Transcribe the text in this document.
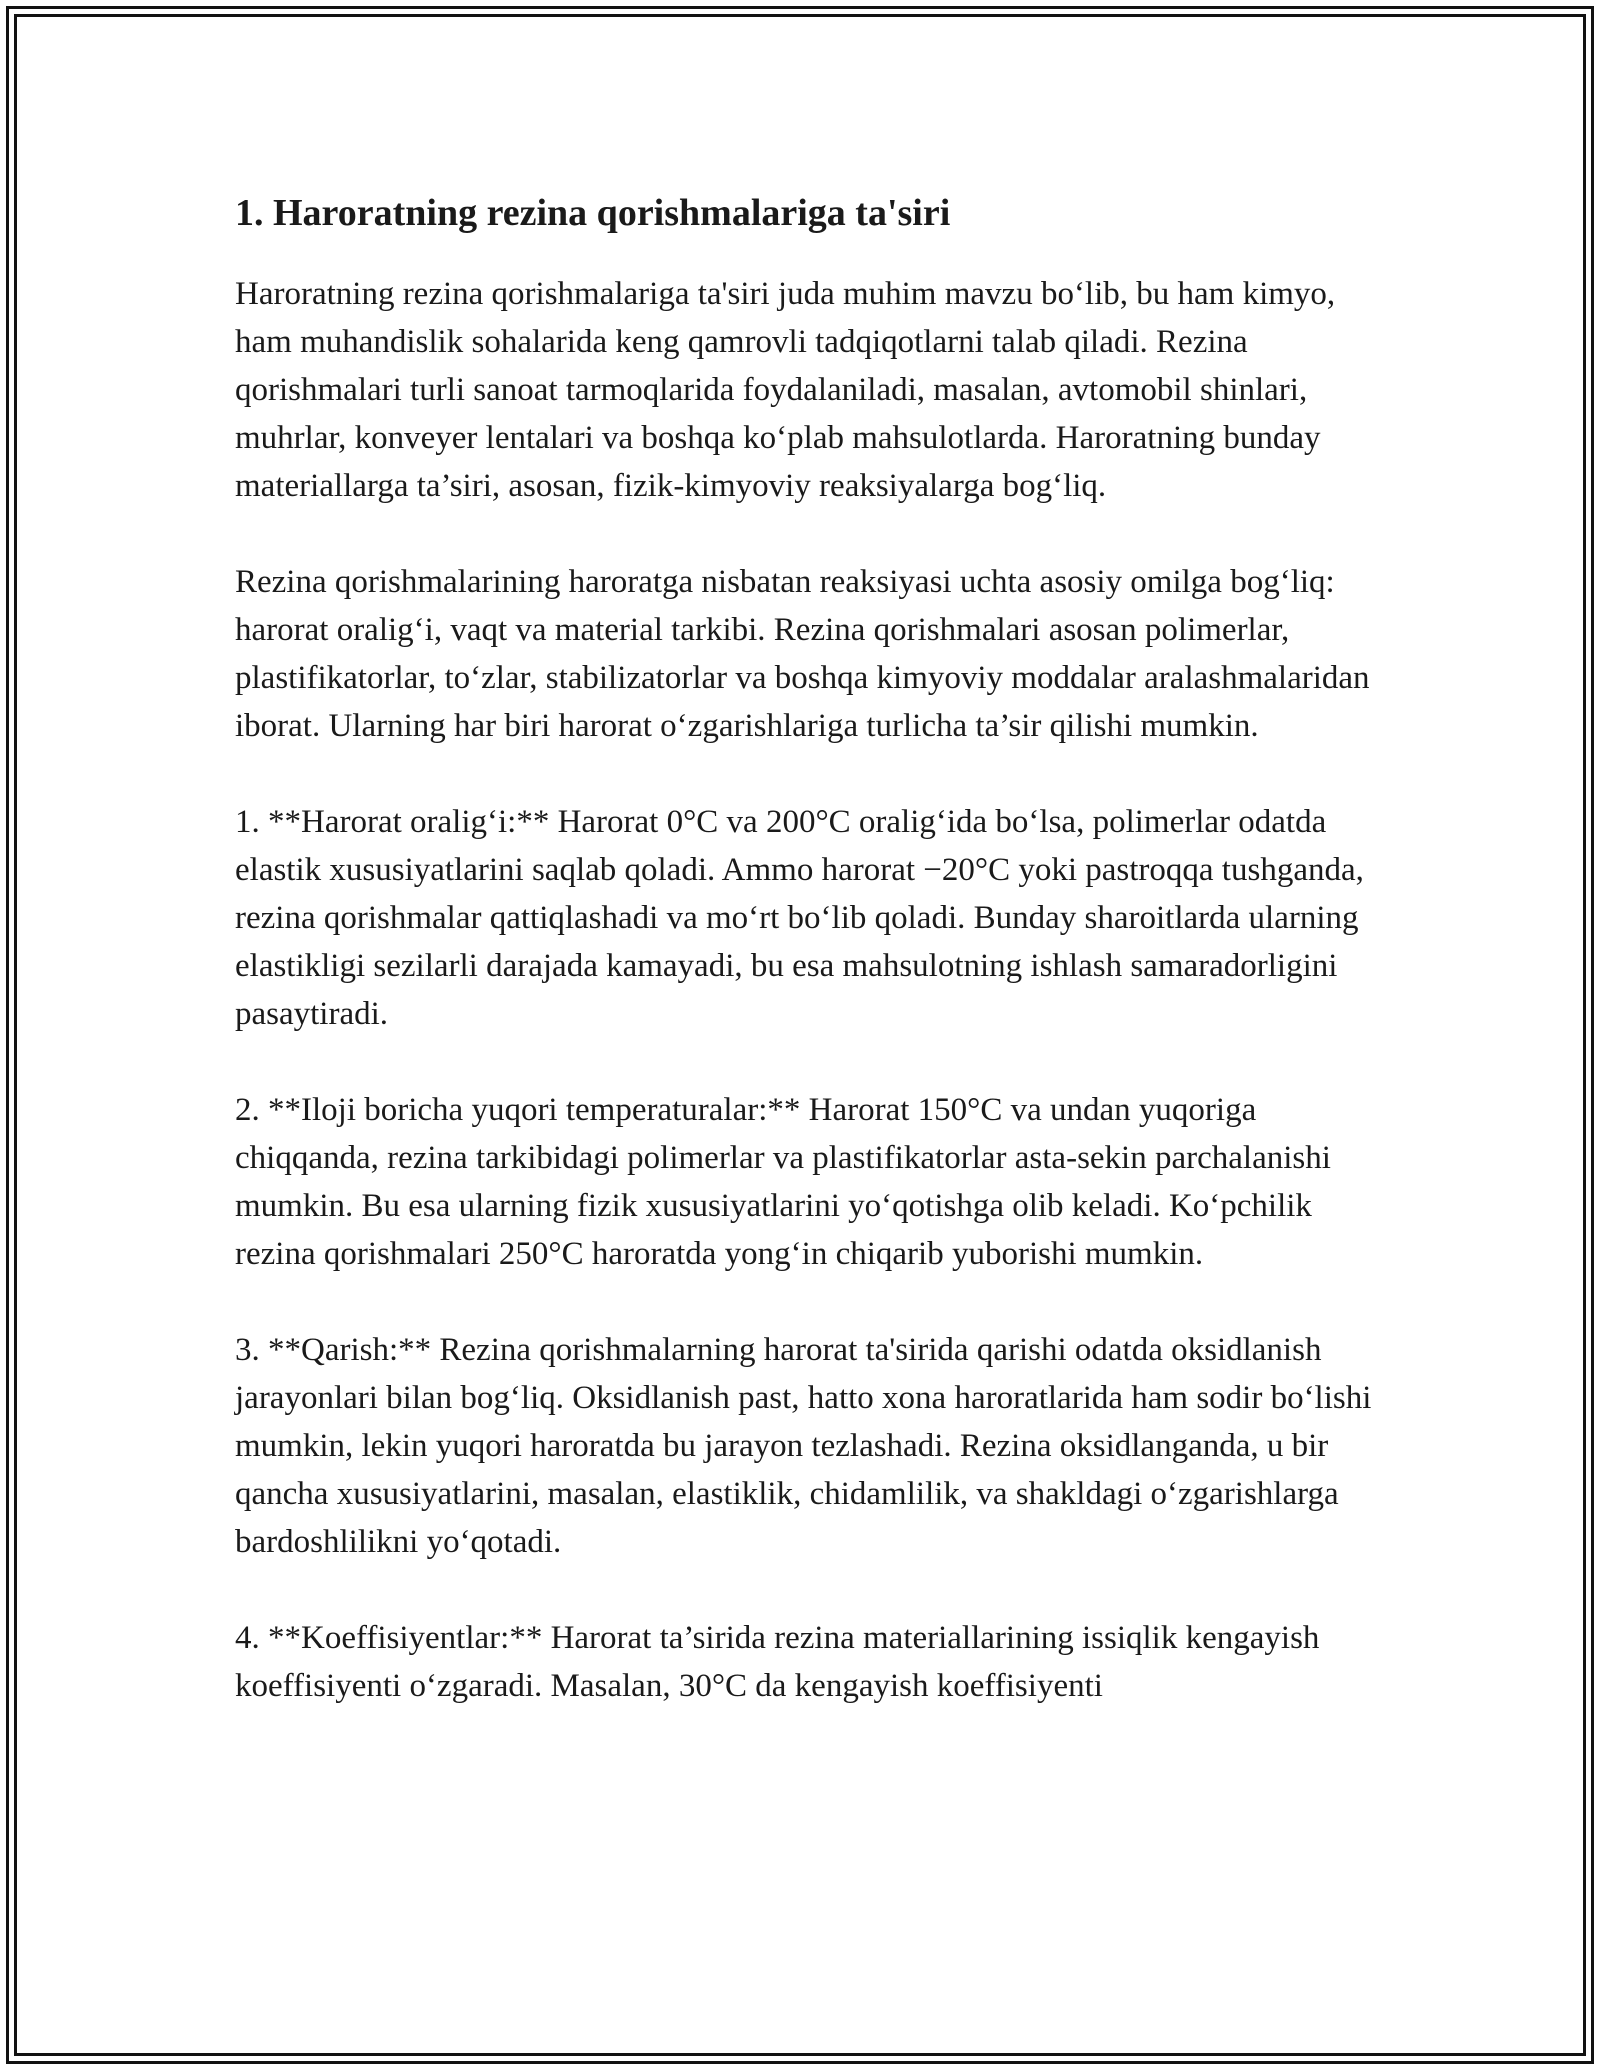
1. Haroratning rezina qorishmalariga ta'siri

Haroratning rezina qorishmalariga ta'siri juda muhim mavzu bo‘lib, bu ham kimyo, ham muhandislik sohalarida keng qamrovli tadqiqotlarni talab qiladi. Rezina qorishmalari turli sanoat tarmoqlarida foydalaniladi, masalan, avtomobil shinlari, muhrlar, konveyer lentalari va boshqa ko‘plab mahsulotlarda. Haroratning bunday materiallarga ta’siri, asosan, fizik-kimyoviy reaksiyalarga bog‘liq.

Rezina qorishmalarining haroratga nisbatan reaksiyasi uchta asosiy omilga bog‘liq: harorat oralig‘i, vaqt va material tarkibi. Rezina qorishmalari asosan polimerlar, plastifikatorlar, to‘zlar, stabilizatorlar va boshqa kimyoviy moddalar aralashmalaridan iborat. Ularning har biri harorat o‘zgarishlariga turlicha ta’sir qilishi mumkin.

1. **Harorat oralig‘i:** Harorat 0°C va 200°C oralig‘ida bo‘lsa, polimerlar odatda elastik xususiyatlarini saqlab qoladi. Ammo harorat −20°C yoki pastroqqa tushganda, rezina qorishmalar qattiqlashadi va mo‘rt bo‘lib qoladi. Bunday sharoitlarda ularning elastikligi sezilarli darajada kamayadi, bu esa mahsulotning ishlash samaradorligini pasaytiradi.

2. **Iloji boricha yuqori temperaturalar:** Harorat 150°C va undan yuqoriga chiqqanda, rezina tarkibidagi polimerlar va plastifikatorlar asta-sekin parchalanishi mumkin. Bu esa ularning fizik xususiyatlarini yo‘qotishga olib keladi. Ko‘pchilik rezina qorishmalari 250°C haroratda yong‘in chiqarib yuborishi mumkin.

3. **Qarish:** Rezina qorishmalarning harorat ta'sirida qarishi odatda oksidlanish jarayonlari bilan bog‘liq. Oksidlanish past, hatto xona haroratlarida ham sodir bo‘lishi mumkin, lekin yuqori haroratda bu jarayon tezlashadi. Rezina oksidlanganda, u bir qancha xususiyatlarini, masalan, elastiklik, chidamlilik, va shakldagi o‘zgarishlarga bardoshlilikni yo‘qotadi.

4. **Koeffisiyentlar:** Harorat ta’sirida rezina materiallarining issiqlik kengayish koeffisiyenti o‘zgaradi. Masalan, 30°C da kengayish koeffisiyenti
